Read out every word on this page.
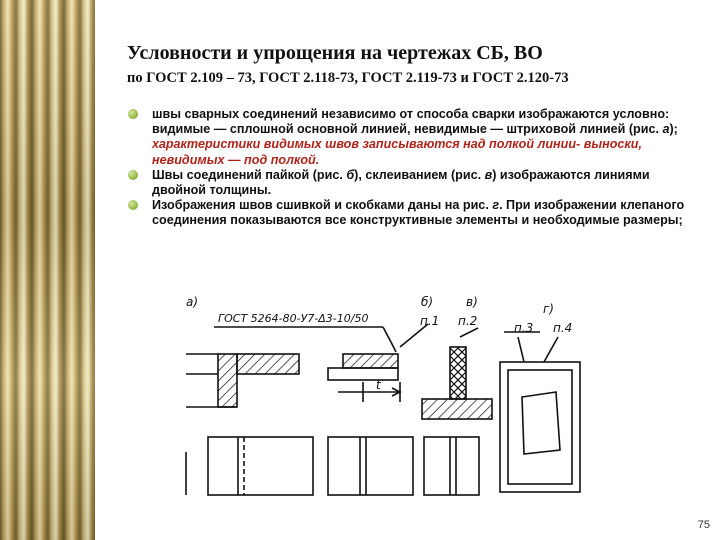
Условности и упрощения на чертежах СБ, ВО
по ГОСТ 2.109 – 73, ГОСТ 2.118-73, ГОСТ 2.119-73 и ГОСТ 2.120-73
швы сварных соединений независимо от способа сварки изображаются условно: видимые — сплошной основной линией, невидимые — штриховой линией (рис. а); характеристики видимых швов записываются над полкой линии- выноски, невидимых — под полкой.
Швы соединений пайкой (рис. б), склеиванием (рис. в) изображаются линиями двойной толщины.
Изображения швов сшивкой и скобками даны на рис. г. При изображении клепаного соединения показываются все конструктивные элементы и необходимые размеры;
а)	б)	в)	г)
ГОСТ 5264-80-У7-Δ3-10/50	п.1 п.2	п.3 п.4
t
75
